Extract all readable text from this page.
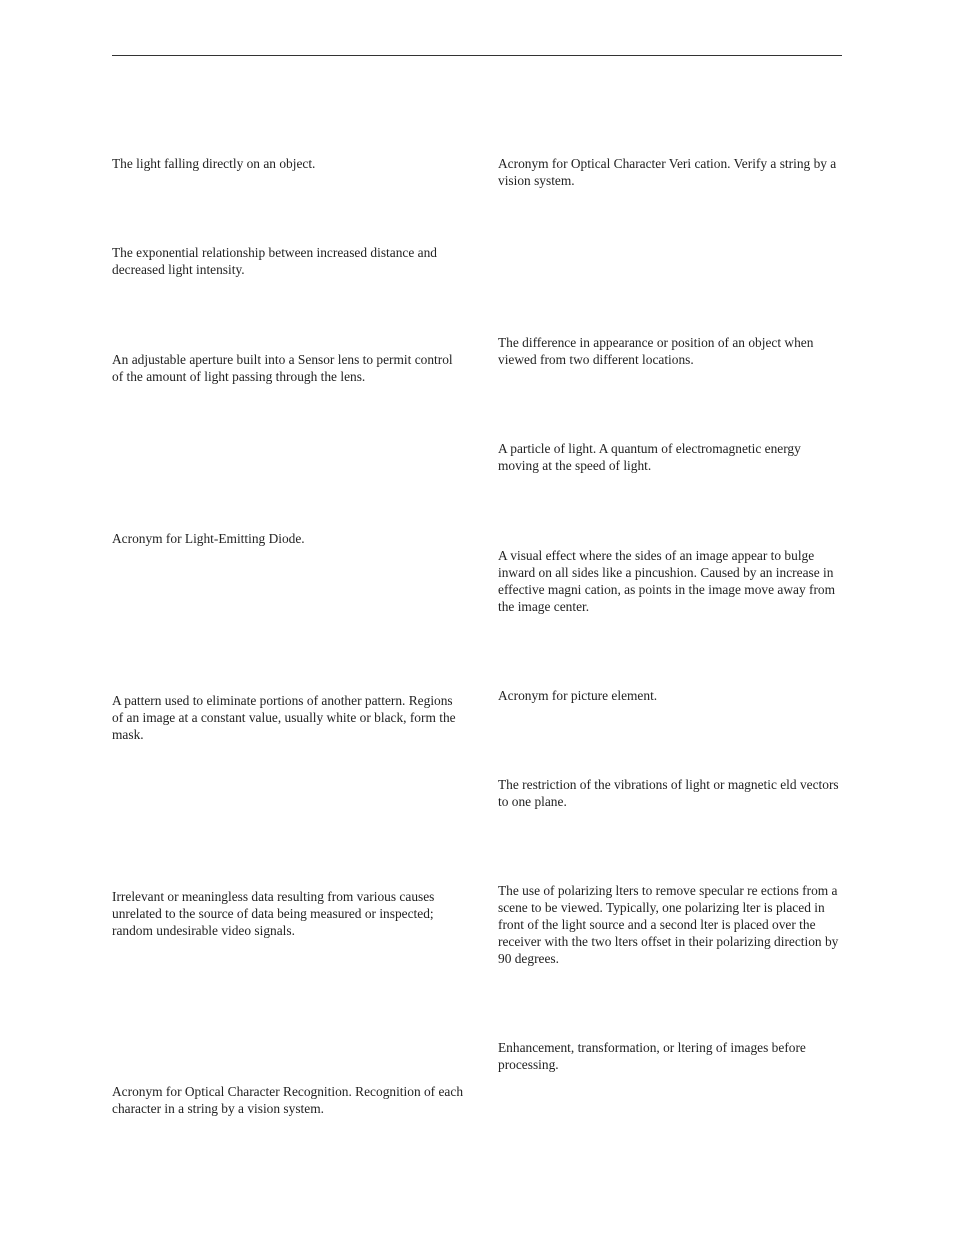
The light falling directly on an object.

The exponential relationship between increased distance and decreased light intensity.

An adjustable aperture built into a Sensor lens to permit control of the amount of light passing through the lens.

Acronym for Light-Emitting Diode.

A pattern used to eliminate portions of another pattern. Regions of an image at a constant value, usually white or black, form the mask.

Irrelevant or meaningless data resulting from various causes unrelated to the source of data being measured or inspected; random undesirable video signals.

Acronym for Optical Character Recognition. Recognition of each character in a string by a vision system.

Acronym for Optical Character Veri cation. Verify a string by a vision system.

The difference in appearance or position of an object when viewed from two different locations.

A particle of light. A quantum of electromagnetic energy moving at the speed of light.

A visual effect where the sides of an image appear to bulge inward on all sides like a pincushion. Caused by an increase in effective magni cation, as points in the image move away from the image center.

Acronym for picture element.

The restriction of the vibrations of light or magnetic eld vectors to one plane.

The use of polarizing lters to remove specular re ections from a scene to be viewed. Typically, one polarizing lter is placed in front of the light source and a second lter is placed over the receiver with the two lters offset in their polarizing direction by 90 degrees.

Enhancement, transformation, or ltering of images before processing.
